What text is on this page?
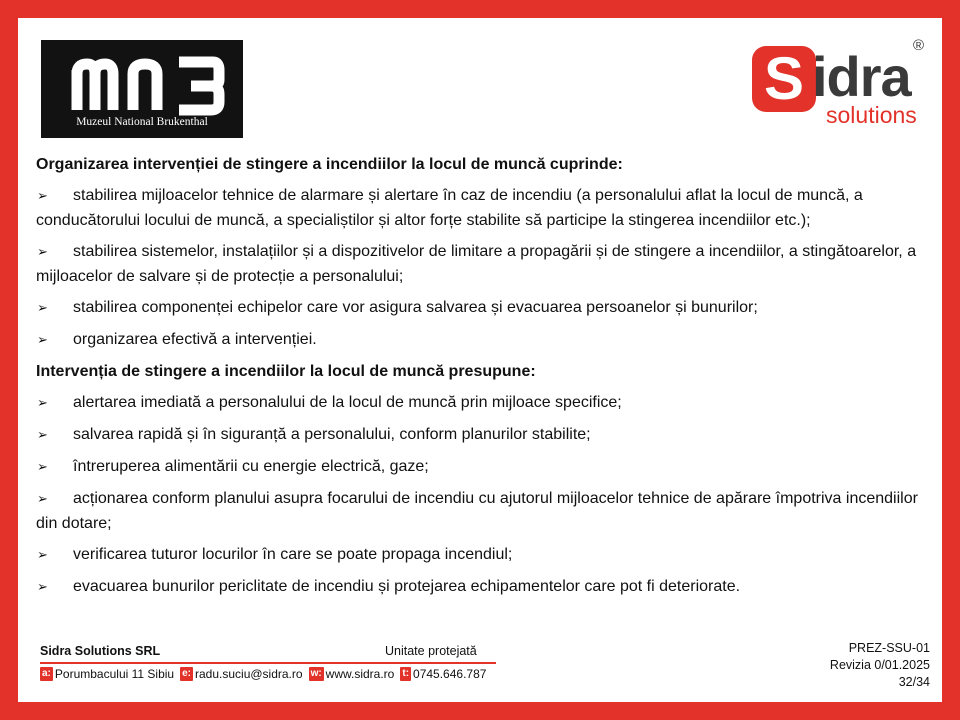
Muzeul National Brukenthal
S idra
solutions
®
Organizarea intervenției de stingere a incendiilor la locul de muncă cuprinde:
➢ stabilirea mijloacelor tehnice de alarmare și alertare în caz de incendiu (a personalului aflat la locul de muncă, a conducătorului locului de muncă, a specialiștilor și altor forțe stabilite să participe la stingerea incendiilor etc.);
➢ stabilirea sistemelor, instalațiilor și a dispozitivelor de limitare a propagării și de stingere a incendiilor, a stingătoarelor, a mijloacelor de salvare și de protecție a personalului;
➢ stabilirea componenței echipelor care vor asigura salvarea și evacuarea persoanelor și bunurilor;
➢ organizarea efectivă a intervenției.
Intervenția de stingere a incendiilor la locul de muncă presupune:
➢ alertarea imediată a personalului de la locul de muncă prin mijloace specifice;
➢ salvarea rapidă și în siguranță a personalului, conform planurilor stabilite;
➢ întreruperea alimentării cu energie electrică, gaze;
➢ acționarea conform planului asupra focarului de incendiu cu ajutorul mijloacelor tehnice de apărare împotriva incendiilor din dotare;
➢ verificarea tuturor locurilor în care se poate propaga incendiul;
➢ evacuarea bunurilor periclitate de incendiu și protejarea echipamentelor care pot fi deteriorate.
Sidra Solutions SRL	Unitate protejată
a: Porumbacului 11 Sibiu e: radu.suciu@sidra.ro w: www.sidra.ro t: 0745.646.787
PREZ-SSU-01
Revizia 0/01.2025
32/34
